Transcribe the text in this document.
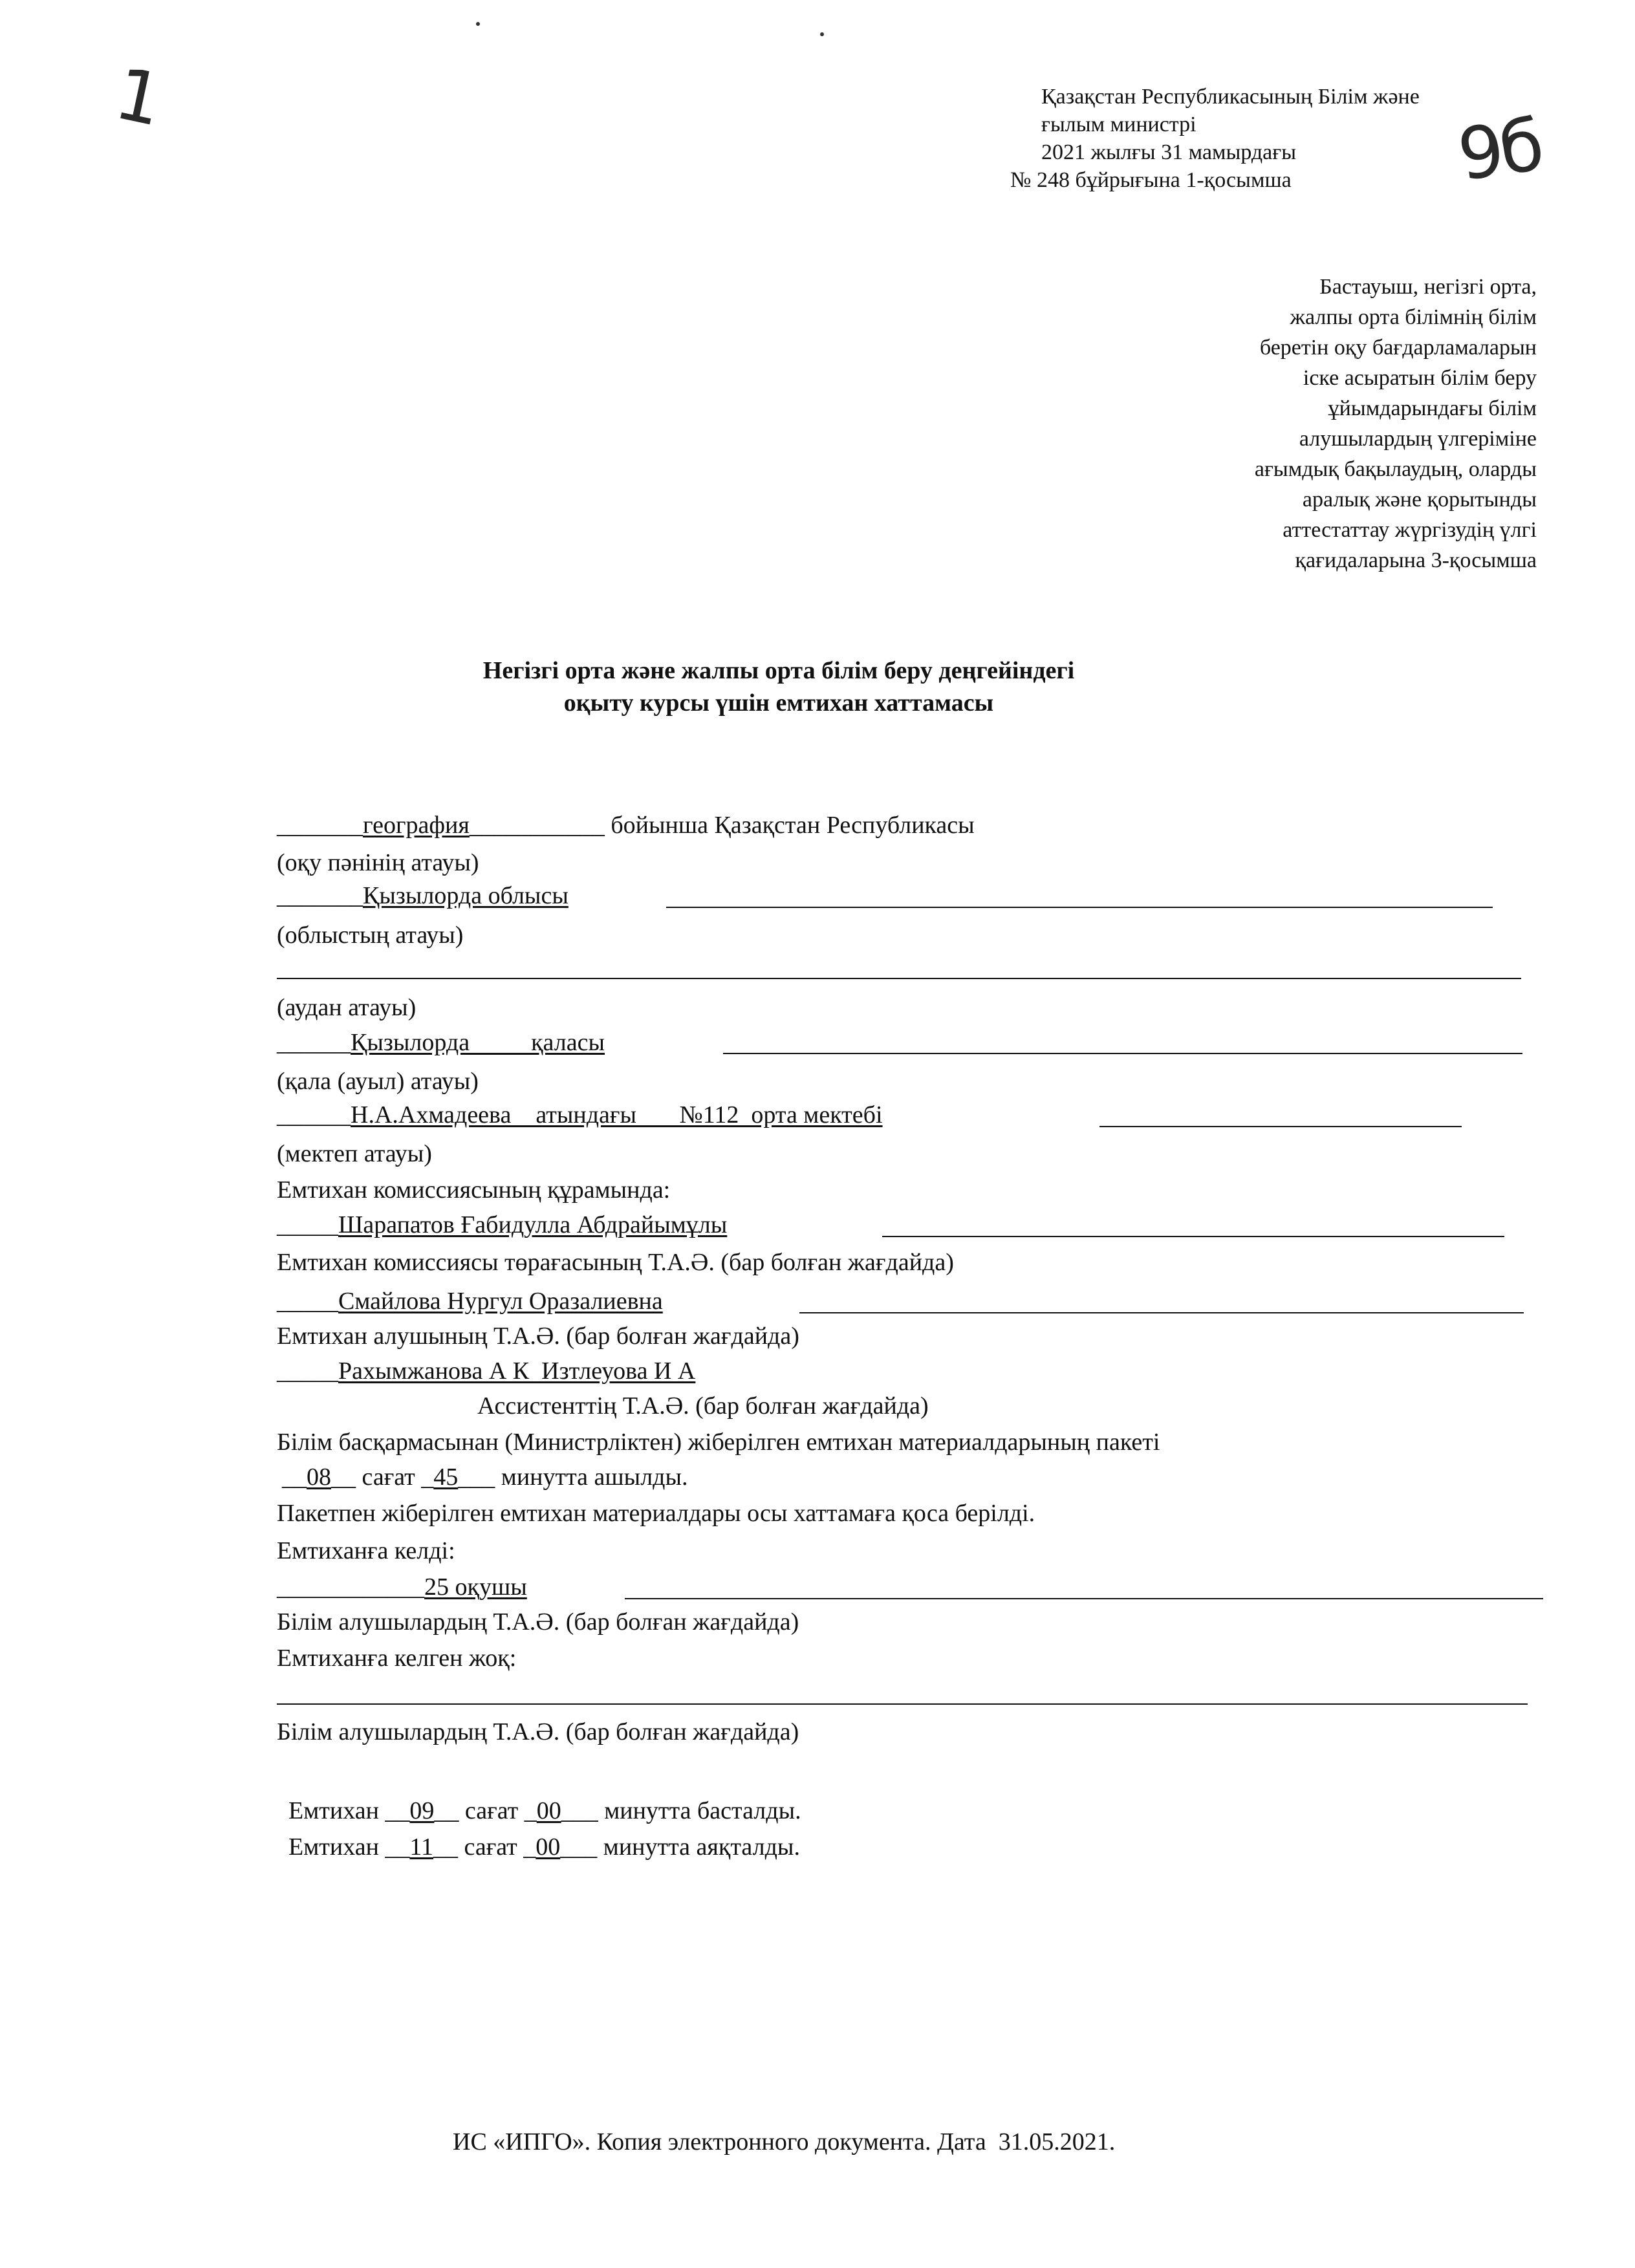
1
9б
Қазақстан Республикасының Білім және
ғылым министрі
2021 жылғы 31 мамырдағы
№ 248 бұйрығына 1-қосымша
Бастауыш, негізгі орта,
жалпы орта білімнің білім
беретін оқу бағдарламаларын
іске асыратын білім беру
ұйымдарындағы білім
алушылардың үлгеріміне
ағымдық бақылаудың, оларды
аралық және қорытынды
аттестаттау жүргізудің үлгі
қағидаларына 3-қосымша
Негізгі орта және жалпы орта білім беру деңгейіндегі
оқыту курсы үшін емтихан хаттамасы
_______география___________ бойынша Қазақстан Республикасы
(оқу пәнінің атауы)
_______Қызылорда облысы
(облыстың атауы)
(аудан атауы)
______Қызылорда          қаласы
(қала (ауыл) атауы)
______Н.А.Ахмадеева    атындағы       №112  орта мектебі
(мектеп атауы)
Емтихан комиссиясының құрамында:
_____Шарапатов Ғабидулла Абдрайымұлы
Емтихан комиссиясы төрағасының Т.А.Ә. (бар болған жағдайда)
_____Смайлова Нургул Оразалиевна
Емтихан алушының Т.А.Ә. (бар болған жағдайда)
_____Рахымжанова А К  Изтлеуова И А
Ассистенттің Т.А.Ә. (бар болған жағдайда)
Білім басқармасынан (Министрліктен) жіберілген емтихан материалдарының пакеті
__08__ сағат _45___ минутта ашылды.
Пакетпен жіберілген емтихан материалдары осы хаттамаға қоса берілді.
Емтиханға келді:
____________25 оқушы
Білім алушылардың Т.А.Ә. (бар болған жағдайда)
Емтиханға келген жоқ:
Білім алушылардың Т.А.Ә. (бар болған жағдайда)
Емтихан __09__ сағат _00___ минутта басталды.
Емтихан __11__ сағат _00___ минутта аяқталды.
ИС «ИПГО». Копия электронного документа. Дата  31.05.2021.
